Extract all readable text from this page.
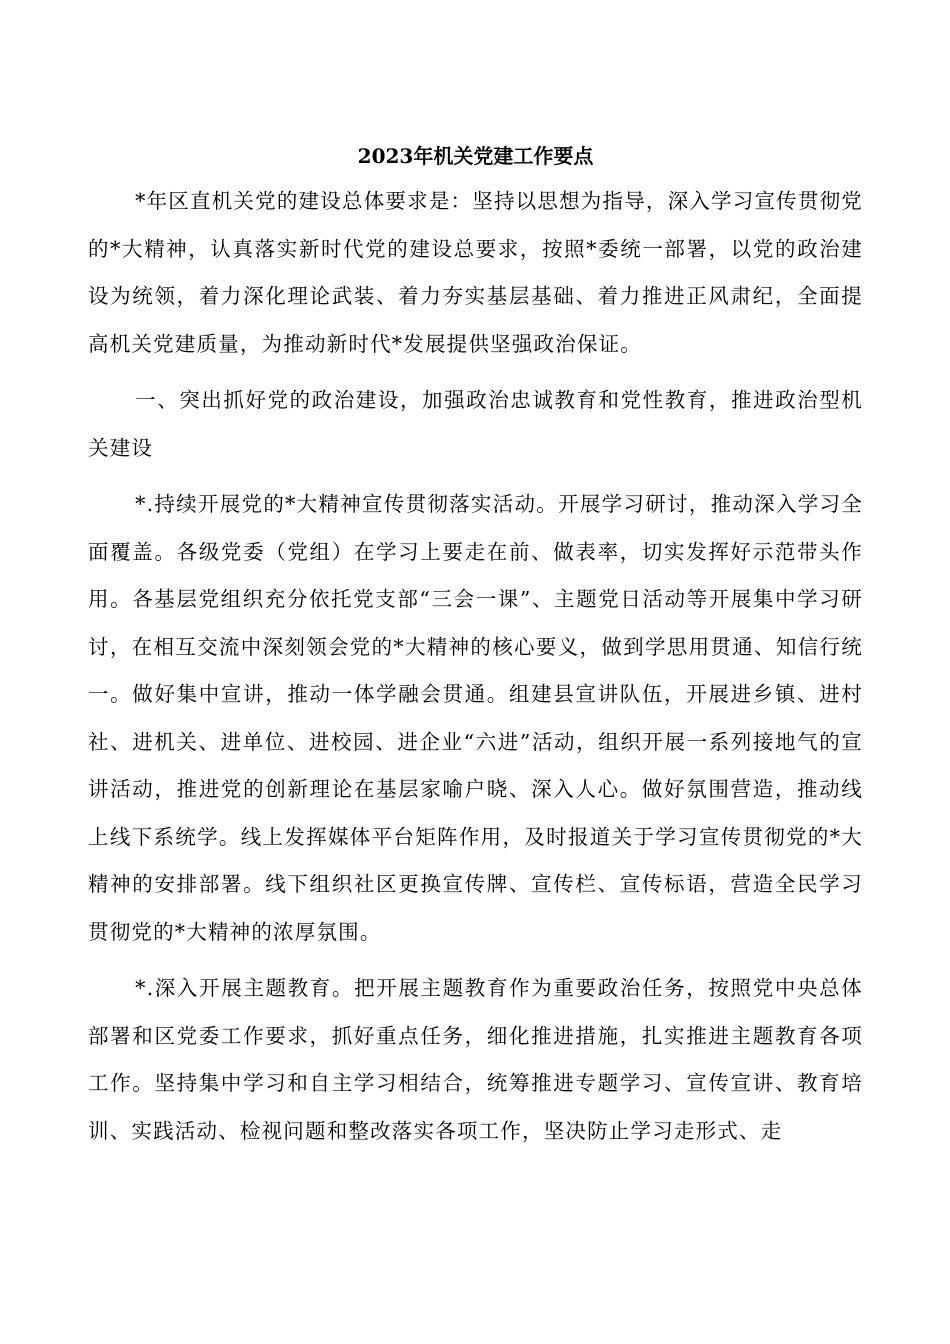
2023年机关党建工作要点

*年区直机关党的建设总体要求是：坚持以思想为指导，深入学习宣传贯彻党的*大精神，认真落实新时代党的建设总要求，按照*委统一部署，以党的政治建设为统领，着力深化理论武装、着力夯实基层基础、着力推进正风肃纪，全面提高机关党建质量，为推动新时代*发展提供坚强政治保证。

一、突出抓好党的政治建设，加强政治忠诚教育和党性教育，推进政治型机关建设

*.持续开展党的*大精神宣传贯彻落实活动。开展学习研讨，推动深入学习全面覆盖。各级党委（党组）在学习上要走在前、做表率，切实发挥好示范带头作用。各基层党组织充分依托党支部“三会一课”、主题党日活动等开展集中学习研讨，在相互交流中深刻领会党的*大精神的核心要义，做到学思用贯通、知信行统一。做好集中宣讲，推动一体学融会贯通。组建县宣讲队伍，开展进乡镇、进村社、进机关、进单位、进校园、进企业“六进”活动，组织开展一系列接地气的宣讲活动，推进党的创新理论在基层家喻户晓、深入人心。做好氛围营造，推动线上线下系统学。线上发挥媒体平台矩阵作用，及时报道关于学习宣传贯彻党的*大精神的安排部署。线下组织社区更换宣传牌、宣传栏、宣传标语，营造全民学习贯彻党的*大精神的浓厚氛围。

*.深入开展主题教育。把开展主题教育作为重要政治任务，按照党中央总体部署和区党委工作要求，抓好重点任务，细化推进措施，扎实推进主题教育各项工作。坚持集中学习和自主学习相结合，统筹推进专题学习、宣传宣讲、教育培训、实践活动、检视问题和整改落实各项工作，坚决防止学习走形式、走
